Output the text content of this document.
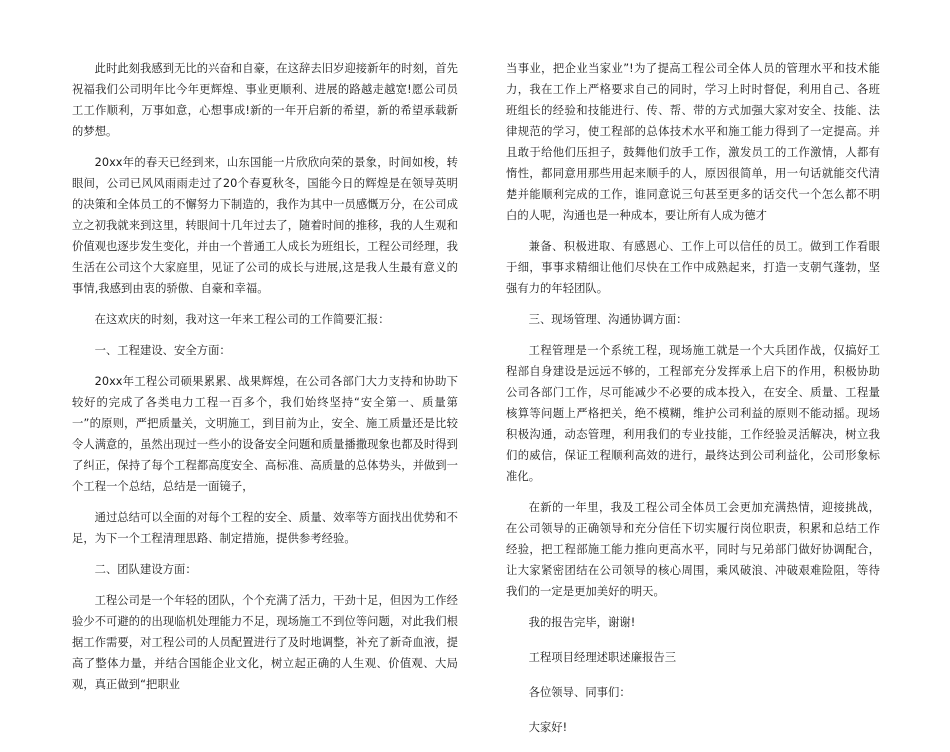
此时此刻我感到无比的兴奋和自豪，在这辞去旧岁迎接新年的时刻，首先祝福我们公司明年比今年更辉煌、事业更顺利、进展的路越走越宽!愿公司员工工作顺利，万事如意，心想事成!新的一年开启新的希望，新的希望承载新的梦想。

20xx年的春天已经到来，山东国能一片欣欣向荣的景象，时间如梭，转眼间，公司已风风雨雨走过了20个春夏秋冬，国能今日的辉煌是在领导英明的决策和全体员工的不懈努力下制造的，我作为其中一员感慨万分，在公司成立之初我就来到这里，转眼间十几年过去了，随着时间的推移，我的人生观和价值观也逐步发生变化，并由一个普通工人成长为班组长，工程公司经理，我生活在公司这个大家庭里，见证了公司的成长与进展,这是我人生最有意义的事情,我感到由衷的骄傲、自豪和幸福。

在这欢庆的时刻，我对这一年来工程公司的工作简要汇报：

一、工程建设、安全方面：

20xx年工程公司硕果累累、战果辉煌，在公司各部门大力支持和协助下较好的完成了各类电力工程一百多个，我们始终坚持“安全第一、质量第一”的原则，严把质量关，文明施工，到目前为止，安全、施工质量还是比较令人满意的，虽然出现过一些小的设备安全问题和质量播撒现象也都及时得到了纠正，保持了每个工程都高度安全、高标准、高质量的总体势头，并做到一个工程一个总结，总结是一面镜子，

通过总结可以全面的对每个工程的安全、质量、效率等方面找出优势和不足，为下一个工程清理思路、制定措施，提供参考经验。

二、团队建设方面：

工程公司是一个年轻的团队，个个充满了活力，干劲十足，但因为工作经验少不可避的的出现临机处理能力不足，现场施工不到位等问题，对此我们根据工作需要，对工程公司的人员配置进行了及时地调整，补充了新奇血液，提高了整体力量，并结合国能企业文化，树立起正确的人生观、价值观、大局观，真正做到“把职业

当事业，把企业当家业”!为了提高工程公司全体人员的管理水平和技术能力，我在工作上严格要求自己的同时，学习上时时督促，利用自己、各班班组长的经验和技能进行、传、帮、带的方式加强大家对安全、技能、法律规范的学习，使工程部的总体技术水平和施工能力得到了一定提高。并且敢于给他们压担子，鼓舞他们放手工作，激发员工的工作激情，人都有惰性，都同意用那些用起来顺手的人，原因很简单，用一句话就能交代清楚并能顺利完成的工作，谁同意说三句甚至更多的话交代一个怎么都不明白的人呢，沟通也是一种成本，要让所有人成为德才

兼备、积极进取、有感恩心、工作上可以信任的员工。做到工作看眼于细，事事求精细让他们尽快在工作中成熟起来，打造一支朝气蓬勃，坚强有力的年轻团队。

三、现场管理、沟通协调方面：

工程管理是一个系统工程，现场施工就是一个大兵团作战，仅搞好工程部自身建设是远远不够的，工程部充分发挥承上启下的作用，积极协助公司各部门工作，尽可能减少不必要的成本投入，在安全、质量、工程量核算等问题上严格把关，绝不模糊，维护公司利益的原则不能动摇。现场积极沟通，动态管理，利用我们的专业技能，工作经验灵活解决，树立我们的威信，保证工程顺利高效的进行，最终达到公司利益化，公司形象标准化。

在新的一年里，我及工程公司全体员工会更加充满热情，迎接挑战，在公司领导的正确领导和充分信任下切实履行岗位职责，积累和总结工作经验，把工程部施工能力推向更高水平，同时与兄弟部门做好协调配合，让大家紧密团结在公司领导的核心周围，乘风破浪、冲破艰难险阻，等待我们的一定是更加美好的明天。

我的报告完毕，谢谢!

工程项目经理述职述廉报告三

各位领导、同事们：

大家好!
